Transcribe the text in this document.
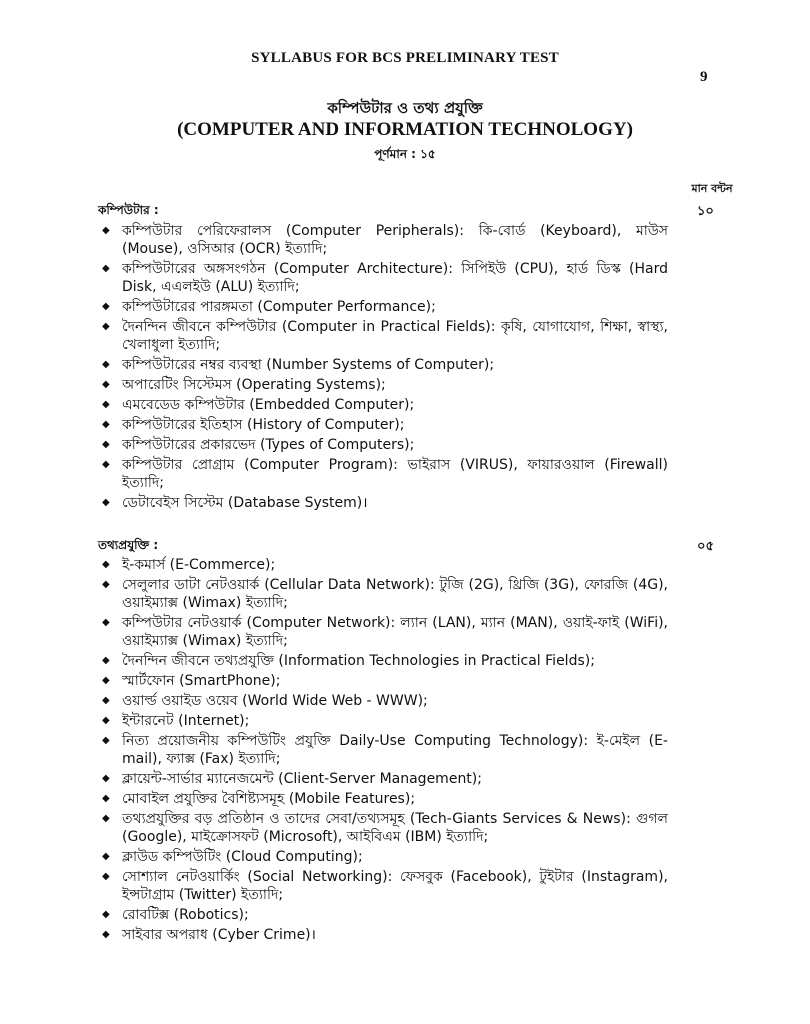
SYLLABUS FOR BCS PRELIMINARY TEST
9
কম্পিউটার ও তথ্য প্রযুক্তি
(COMPUTER AND INFORMATION TECHNOLOGY)
পূর্ণমান : ১৫
মান বন্টন
কম্পিউটার :	১০
◆ কম্পিউটার পেরিফেরালস (Computer Peripherals): কি-বোর্ড (Keyboard), মাউস (Mouse), ওসিআর (OCR) ইত্যাদি;
◆ কম্পিউটারের অঙ্গসংগঠন (Computer Architecture): সিপিইউ (CPU), হার্ড ডিস্ক (Hard Disk, এএলইউ (ALU) ইত্যাদি;
◆ কম্পিউটারের পারঙ্গমতা (Computer Performance);
◆ দৈনন্দিন জীবনে কম্পিউটার (Computer in Practical Fields): কৃষি, যোগাযোগ, শিক্ষা, স্বাস্থ্য, খেলাধুলা ইত্যাদি;
◆ কম্পিউটারের নম্বর ব্যবস্থা (Number Systems of Computer);
◆ অপারেটিং সিস্টেমস (Operating Systems);
◆ এমবেডেড কম্পিউটার (Embedded Computer);
◆ কম্পিউটারের ইতিহাস (History of Computer);
◆ কম্পিউটারের প্রকারভেদ (Types of Computers);
◆ কম্পিউটার প্রোগ্রাম (Computer Program): ভাইরাস (VIRUS), ফায়ারওয়াল (Firewall) ইত্যাদি;
◆ ডেটাবেইস সিস্টেম (Database System)।
তথ্যপ্রযুক্তি :	০৫
◆ ই-কমার্স (E-Commerce);
◆ সেলুলার ডাটা নেটওয়ার্ক (Cellular Data Network): টুজি (2G), থ্রিজি (3G), ফোরজি (4G), ওয়াইম্যাক্স (Wimax) ইত্যাদি;
◆ কম্পিউটার নেটওয়ার্ক (Computer Network): ল্যান (LAN), ম্যান (MAN), ওয়াই-ফাই (WiFi), ওয়াইম্যাক্স (Wimax) ইত্যাদি;
◆ দৈনন্দিন জীবনে তথ্যপ্রযুক্তি (Information Technologies in Practical Fields);
◆ স্মার্টফোন (SmartPhone);
◆ ওয়ার্ল্ড ওয়াইড ওয়েব (World Wide Web - WWW);
◆ ইন্টারনেট (Internet);
◆ নিত্য প্রয়োজনীয় কম্পিউটিং প্রযুক্তি Daily-Use Computing Technology): ই-মেইল (E-mail), ফ্যাক্স (Fax) ইত্যাদি;
◆ ক্লায়েন্ট-সার্ভার ম্যানেজমেন্ট (Client-Server Management);
◆ মোবাইল প্রযুক্তির বৈশিষ্ট্যসমূহ (Mobile Features);
◆ তথ্যপ্রযুক্তির বড় প্রতিষ্ঠান ও তাদের সেবা/তথ্যসমূহ (Tech-Giants Services & News): গুগল (Google), মাইক্রোসফট (Microsoft), আইবিএম (IBM) ইত্যাদি;
◆ ক্লাউড কম্পিউটিং (Cloud Computing);
◆ সোশ্যাল নেটওয়ার্কিং (Social Networking): ফেসবুক (Facebook), টুইটার (Instagram), ইন্সটাগ্রাম (Twitter) ইত্যাদি;
◆ রোবটিক্স (Robotics);
◆ সাইবার অপরাধ (Cyber Crime)।
